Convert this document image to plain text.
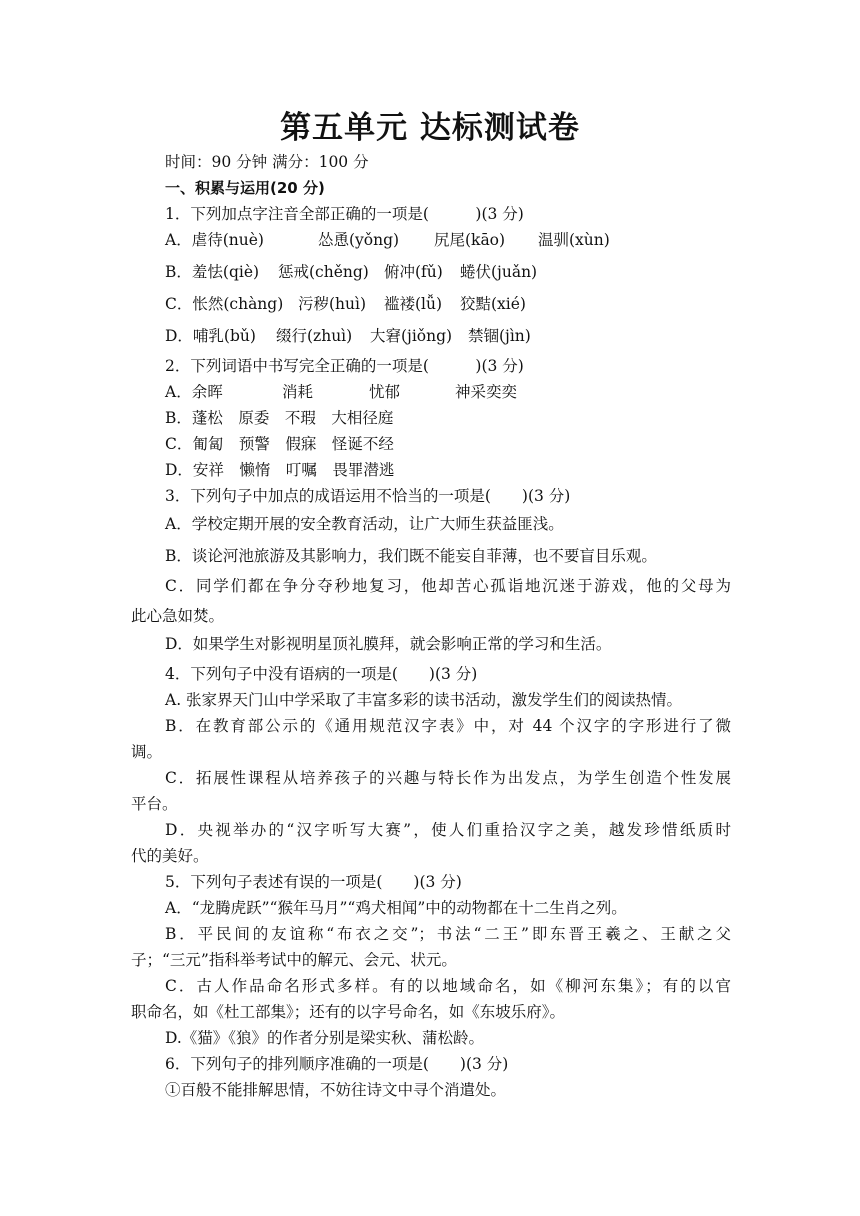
第五单元 达标测试卷
时间：90 分钟 满分：100 分
一、积累与运用(20 分)
1．下列加点字注音全部正确的一项是(　　　)(3 分)
A．虐待(nuè)	怂恿(yǒng) 尻尾(kāo) 温驯(xùn)
B．羞怯(qiè) 惩戒(chěng) 俯冲(fǔ) 蜷伏(juǎn)
C．怅然(chàng) 污秽(huì) 褴褛(lǚ) 狡黠(xié)
D．哺乳(bǔ) 缀行(zhuì) 大窘(jiǒng) 禁锢(jìn)
2．下列词语中书写完全正确的一项是(　　　)(3 分)
A．余晖	消耗	忧郁	神采奕奕
B．蓬松　原委　不瑕　大相径庭
C．匍匐　预警　假寐　怪诞不经
D．安祥　懒惰　叮嘱　畏罪潜逃
3．下列句子中加点的成语运用不恰当的一项是(　　)(3 分)
A．学校定期开展的安全教育活动，让广大师生获益匪浅。
B．谈论河池旅游及其影响力，我们既不能妄自菲薄，也不要盲目乐观。
C．同学们都在争分夺秒地复习，他却苦心孤诣地沉迷于游戏，他的父母为
此心急如焚。
D．如果学生对影视明星顶礼膜拜，就会影响正常的学习和生活。
4．下列句子中没有语病的一项是(　　)(3 分)
A. 张家界天门山中学采取了丰富多彩的读书活动，激发学生们的阅读热情。
B．在教育部公示的《通用规范汉字表》中，对 44 个汉字的字形进行了微
调。
C．拓展性课程从培养孩子的兴趣与特长作为出发点，为学生创造个性发展
平台。
D．央视举办的“汉字听写大赛”，使人们重拾汉字之美，越发珍惜纸质时
代的美好。
5．下列句子表述有误的一项是(　　)(3 分)
A．“龙腾虎跃”“猴年马月”“鸡犬相闻”中的动物都在十二生肖之列。
B．平民间的友谊称“布衣之交”；书法“二王”即东晋王羲之、王献之父
子；“三元”指科举考试中的解元、会元、状元。
C．古人作品命名形式多样。有的以地域命名，如《柳河东集》；有的以官
职命名，如《杜工部集》；还有的以字号命名，如《东坡乐府》。
D.《猫》《狼》的作者分别是梁实秋、蒲松龄。
6．下列句子的排列顺序准确的一项是(　　)(3 分)
①百般不能排解思情，不妨往诗文中寻个消遣处。
